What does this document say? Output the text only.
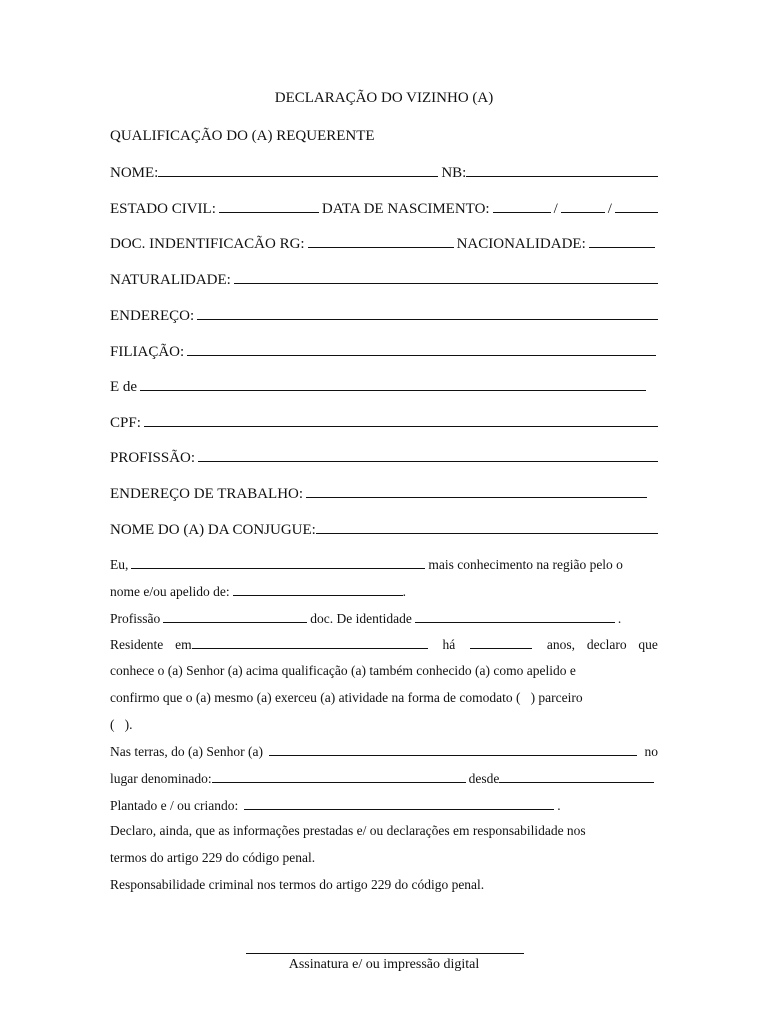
DECLARAÇÃO DO VIZINHO (A)
QUALIFICAÇÃO DO (A) REQUERENTE
NOME:	NB:
ESTADO CIVIL:	DATA DE NASCIMENTO:	/	/
DOC. INDENTIFICACÃO RG:	NACIONALIDADE:
NATURALIDADE:
ENDEREÇO:
FILIAÇÃO:
E de
CPF:
PROFISSÃO:
ENDEREÇO DE TRABALHO:
NOME DO (A) DA CONJUGUE:
Eu,	mais conhecimento na região pelo o
nome e/ou apelido de:	.
Profissão	doc. De identidade	.
Residente em	há	anos, declaro que
conhece o (a) Senhor (a) acima qualificação (a) também conhecido (a) como apelido e
confirmo que o (a) mesmo (a) exerceu (a) atividade na forma de comodato (   ) parceiro
(   ).
Nas terras, do (a) Senhor (a)	no
lugar denominado:	desde
Plantado e / ou criando:	.
Declaro, ainda, que as informações prestadas e/ ou declarações em responsabilidade nos
termos do artigo 229 do código penal.
Responsabilidade criminal nos termos do artigo 229 do código penal.
Assinatura e/ ou impressão digital
